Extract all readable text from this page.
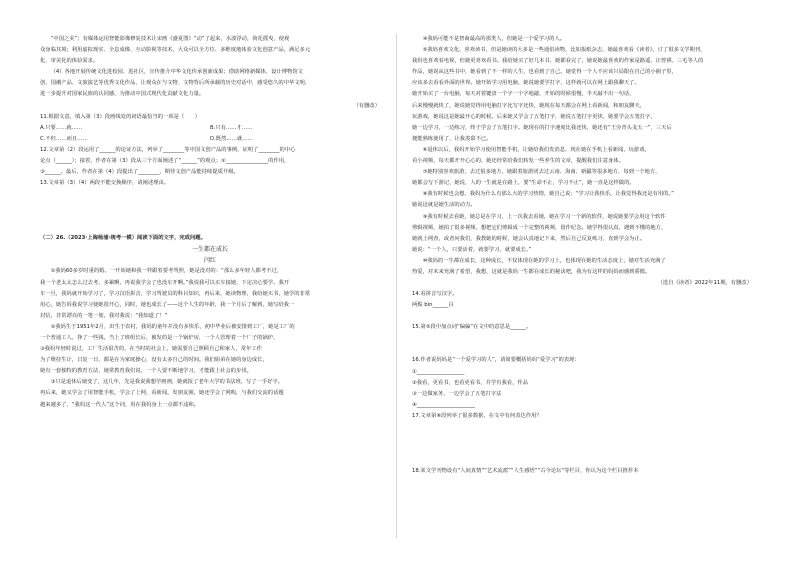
“中国之美”；有媒体运用智能影像修复技术让宋画《盛夏图》“动”了起来，水波浮动，荷花摇曳，使观

众身临其境；利用虚拟现实、全息成像、互动影视等技术，大众可以全方位、多维度地体验文化创意产品，满足多元

化、审美化的体验需求。

（4）各地开展传统文化进校园、进社区，宣传推介中华文化传承创新成果；借助网络新媒体，设计博物馆文

创、国潮产品、文旅演艺等优秀文化作品，让观众在与文物、文物背后所承载的历史对话中，感受悠久的中华文明，

进一步提升对国家民族的认同感，为推动中国式现代化贡献文化力量。

（有删改）

11.根据文意，填入第（3）段画线处的词语最恰当的一项是（　　）

A.只要……就……	B.只有……才……
C.不但……而且……	D.既然……就……

12.文章第（2）段运用了______的论证方法，列举了________等中国文创产品的事例，证明了________的中心

论点（______）；接着，作者在第（3）段从三个方面阐述了“______”的观点；②________________的作用，

③______。最后，作者在第（4）段提出了________，期待文创产品能持续提质升级。

13.文章第（3）（4）两段不能交换顺序，请阐述理由。

（二）26.（2023·上海杨浦·统考一模）阅读下面的文字，完成问题。

一生都在成长

闫红

①我妈60多岁时重的婚。一开始她和我一样跟着要考驾照，她是没对的：“那么多年轻人都考不过，

我一个老太太怎么过去考，多累啊，再说我学会了也没车开啊。”我说我可以买车接她，下定决心要学。我开

车一旦，我妈就开始学习了，学习汉语拼音，学习驾驶员的科目知识，再后来，她读物理，我给她买书，她学的非常

用心，她告诉我说学习使她很开心，同时，她也成长了——这个人生的年龄，我一个月后了解到，她写给我一

封信，非常漂亮的一笔一划，我对我说：“我知道了！”

②我妈生于1951年2月，出生于农村，我妈的童年并没有多快乐，初中毕业后被安排到工厂，她是工厂的

一个普通工人，挣了一些钱，当上了班组长后，被发的是一个锅炉房，一个人管理着一个厂子的锅炉，

③我妈年轻时说过，工厂生活很苦的，在当时的社会上，她需要自己照顾自己和家人，常年工作

为了维持生计，日复一日，都是在为家庭操心，没有太多自己的时间。我们姐弟在她的身边成长，

她有一套独特的教育方法，她常教育我们说，一个人要不断地学习，才能跟上社会的步伐。

③只是退休后她变了，这几年，先是我说我想学画画，她就报了老年大学的书法班，写了一手好字。

再后来，她又学会了用智能手机，学会了上网，看新闻，发朋友圈，她还学会了网购，与我们交流的话题

越来越多了，“我妈这一代人”这个词，用在我妈身上一点都不违和。

④我妈可能不是智商最高的那类人，但她是一个爱学习的人。

⑤我妈喜欢文化，喜欢读书，但是她读的大多是一些通俗读物，比如报纸杂志，她最喜欢看《读者》，订了很多文学期刊，

我妈也喜欢看电视，但她更喜欢看书。我给她买了好几本书，她都看完了，她说她最喜欢的作家是路遥、汪曾祺、三毛等人的

作品，她说从这些书中，她看到了不一样的人生，也看到了自己。她觉得一个人不应该只局限在自己的小圈子里，

应该多去看看外面的世界。她开始学习用电脑，她说她要学打字，这样就可以在网上跟我聊天了。

她开始买了一台电脑，每天对着键盘一个字一个字地敲，开始的时候很慢，半天敲不出一句话，

后来慢慢就快了，她说她觉得用电脑打字比写字还快，她现在每天都会在网上看新闻，和朋友聊天，

玩游戏，她说这是她最开心的时候。后来她又学会了五笔打字，她说五笔打字更快，她要学会五笔打字，

她一边学习，一边练习，终于学会了五笔打字。她现在的打字速度比我还快，她还有“王旁青头戋五一”，三天后

便能熟练使用了，让我羡慕不已。

⑥退休以后，我妈开始学习使用智能手机，让她给我们发消息，现在她在手机上看新闻，玩游戏，

看小视频，每天都开开心心的，她还经常给我们转发一些养生的文章，提醒我们注意身体。

⑦她特别喜欢旅游，去过很多地方，她跟着旅游团去过云南、海南、新疆等很多地方，每到一个地方，

她都会写下游记，她说，人的一生就是在路上，要“生命不止，学习不止”，她一直是这样做的。

⑧我有时候也会想，我妈为什么有那么大的学习热情，她自己说：“学习让我快乐，让我觉得我还是有用的。”

她说这就是她生活的动力。

⑨我有时候去看她，她总是在学习，上一次我去看她，她在学习一个新的软件，她说她要学会用这个软件

剪辑视频，她拍了很多视频，想把它们剪辑成一个完整的视频，留作纪念。她学得很认真，遇到不懂的地方，

她就上网查，或者问我们，我教她的时候，她会认真地记下来，然后自己反复练习，直到学会为止。

她说：“一个人，只要活着，就要学习，就要成长。”

⑩我妈的一生都在成长，这种成长，不仅体现在她的学习上，也体现在她的生活态度上，她对生活充满了

热爱，对未来充满了希望，我想，这就是我妈一生都在成长的秘诀吧，我为有这样的妈妈而感到骄傲。

（选自《读者》2022年11期，有删改）

14.看拼音写汉字。

两鬓 bìn______白

15.第⑤段中加点词“偏偏”在文中的意思是______。

16.作者说妈妈是“一个爱学习的人”，请简要概括妈妈“爱学习”的表现：

①__________________

②我看，更看书，也看更看书，并学有我看，作品

③一边做家务，一边学会了五笔打字法

④______________________

17.文章第⑥段列举了很多数据，在文中有何表达作用？

18.某文学刊物设有“人间真情”“艺术流派”“人生感悟”“古今论坛”等栏目，你认为这个栏目推荐本
